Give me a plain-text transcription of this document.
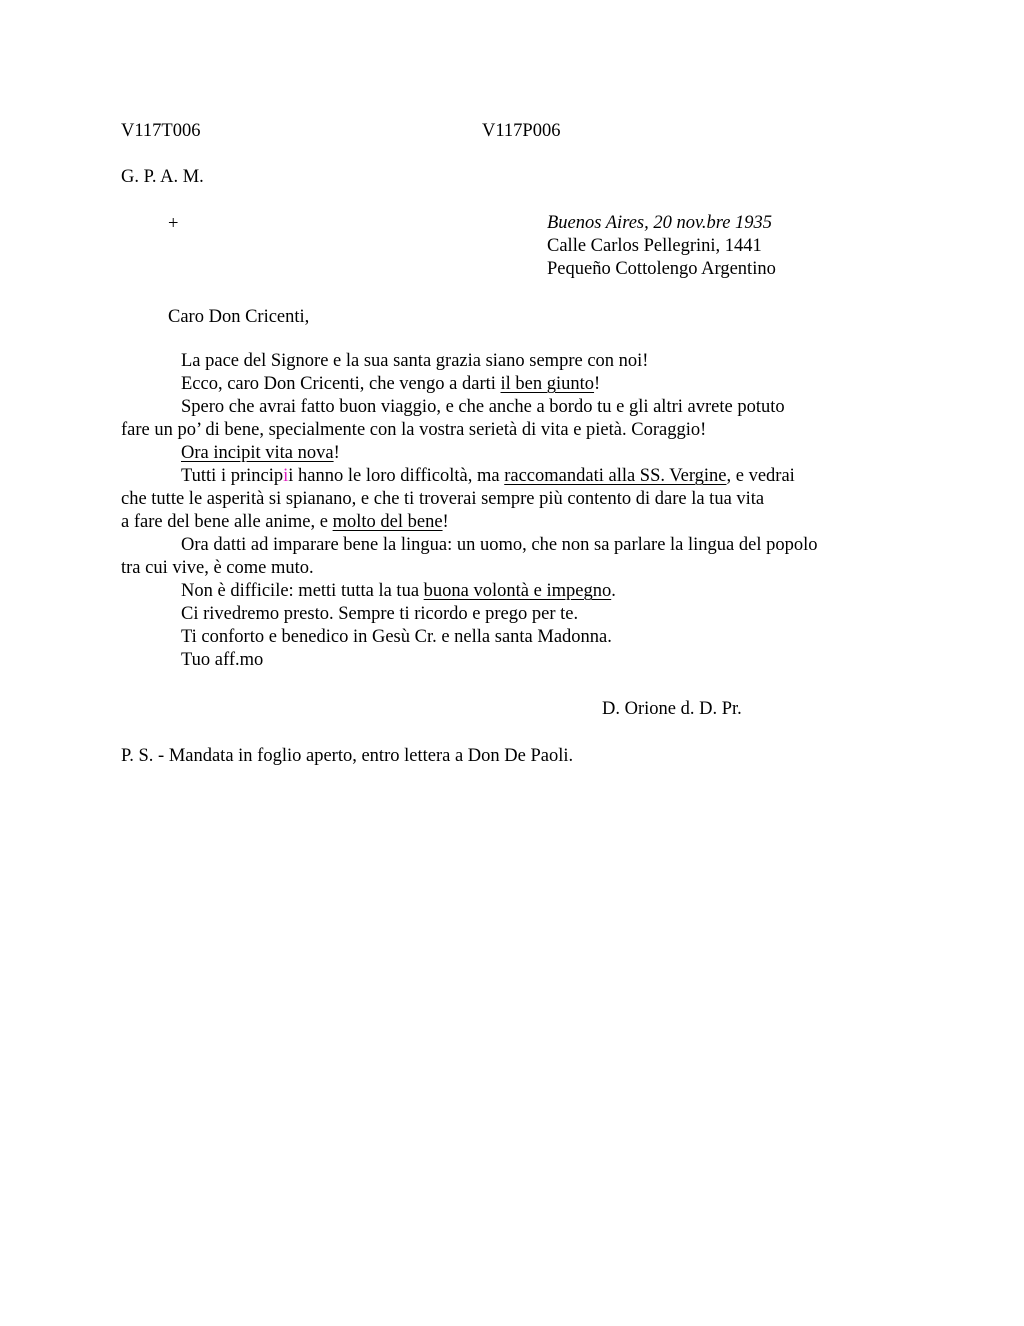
V117T006	V117P006
G. P. A. M.
+	Buenos Aires, 20 nov.bre 1935
Calle Carlos Pellegrini, 1441
Pequeño Cottolengo Argentino
Caro Don Cricenti,
La pace del Signore e la sua santa grazia siano sempre con noi!
Ecco, caro Don Cricenti, che vengo a darti il ben giunto!
Spero che avrai fatto buon viaggio, e che anche a bordo tu e gli altri avrete potuto
fare un po’ di bene, specialmente con la vostra serietà di vita e pietà. Coraggio!
Ora incipit vita nova!
Tutti i principii hanno le loro difficoltà, ma raccomandati alla SS. Vergine, e vedrai
che tutte le asperità si spianano, e che ti troverai sempre più contento di dare la tua vita
a fare del bene alle anime, e molto del bene!
Ora datti ad imparare bene la lingua: un uomo, che non sa parlare la lingua del popolo
tra cui vive, è come muto.
Non è difficile: metti tutta la tua buona volontà e impegno.
Ci rivedremo presto. Sempre ti ricordo e prego per te.
Ti conforto e benedico in Gesù Cr. e nella santa Madonna.
Tuo aff.mo
D. Orione d. D. Pr.
P. S. - Mandata in foglio aperto, entro lettera a Don De Paoli.
